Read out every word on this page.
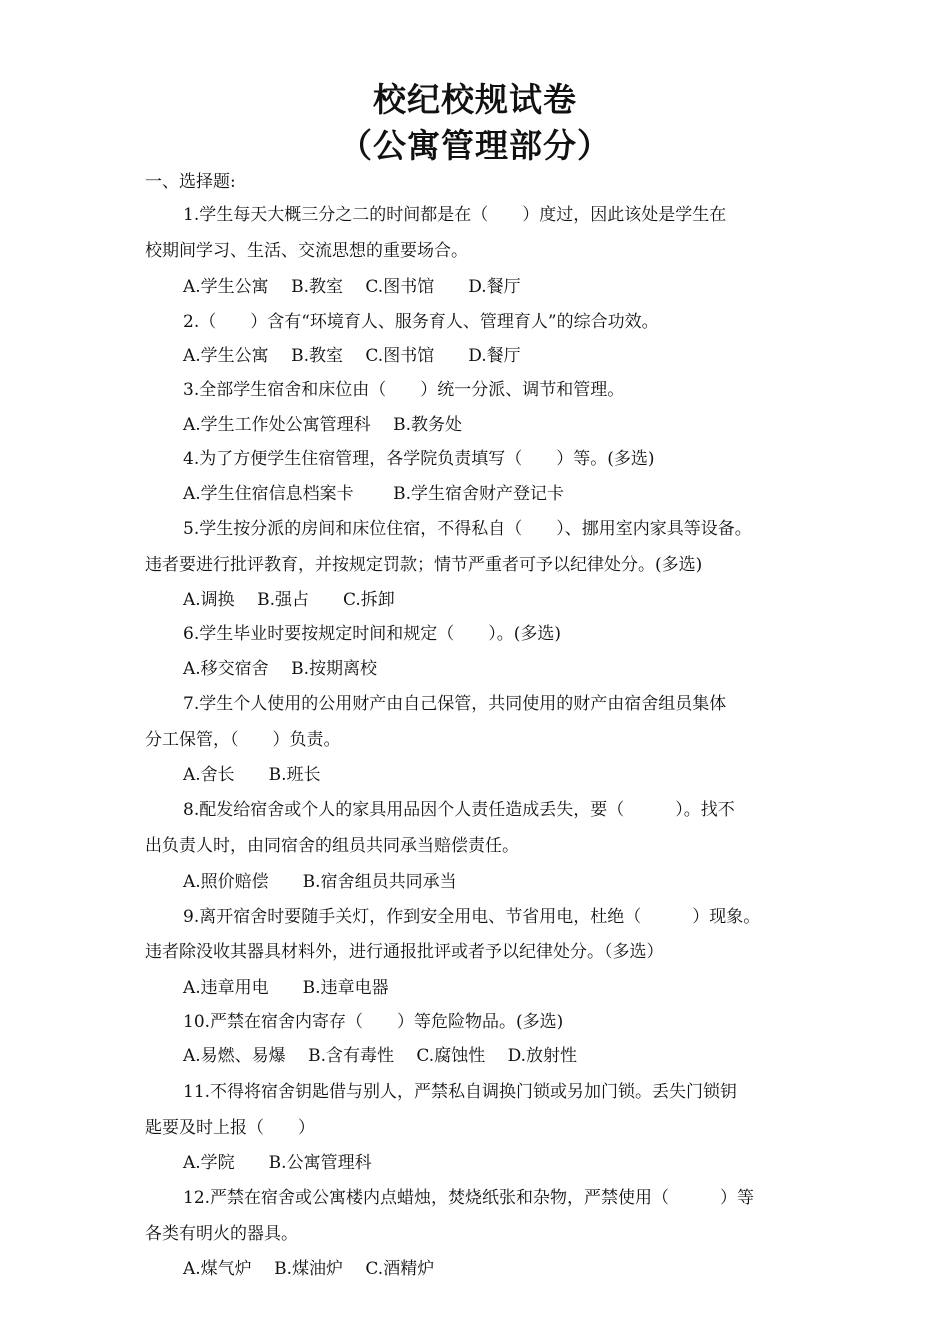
校纪校规试卷
（公寓管理部分）
一、选择题:
1.学生每天大概三分之二的时间都是在（　　）度过，因此该处是学生在
校期间学习、生活、交流思想的重要场合。
A.学生公寓　 B.教室　 C.图书馆　　D.餐厅
2.（　　）含有“环境育人、服务育人、管理育人”的综合功效。
A.学生公寓　 B.教室　 C.图书馆　　D.餐厅
3.全部学生宿舍和床位由（　　）统一分派、调节和管理。
A.学生工作处公寓管理科　 B.教务处
4.为了方便学生住宿管理，各学院负责填写（　　）等。(多选)
A.学生住宿信息档案卡　　 B.学生宿舍财产登记卡
5.学生按分派的房间和床位住宿，不得私自（　　）、挪用室内家具等设备。
违者要进行批评教育，并按规定罚款；情节严重者可予以纪律处分。(多选)
A.调换　 B.强占　　C.拆卸
6.学生毕业时要按规定时间和规定（　　）。(多选)
A.移交宿舍　 B.按期离校
7.学生个人使用的公用财产由自己保管，共同使用的财产由宿舍组员集体
分工保管，（　　）负责。
A.舍长　　B.班长
8.配发给宿舍或个人的家具用品因个人责任造成丢失，要（　　　）。找不
出负责人时，由同宿舍的组员共同承当赔偿责任。
A.照价赔偿　　B.宿舍组员共同承当
9.离开宿舍时要随手关灯，作到安全用电、节省用电，杜绝（　　　）现象。
违者除没收其器具材料外，进行通报批评或者予以纪律处分。（多选）
A.违章用电　　B.违章电器
10.严禁在宿舍内寄存（　　）等危险物品。(多选)
A.易燃、易爆　 B.含有毒性　 C.腐蚀性　 D.放射性
11.不得将宿舍钥匙借与别人，严禁私自调换门锁或另加门锁。丢失门锁钥
匙要及时上报（　　）
A.学院　　B.公寓管理科
12.严禁在宿舍或公寓楼内点蜡烛，焚烧纸张和杂物，严禁使用（　　　）等
各类有明火的器具。
A.煤气炉　 B.煤油炉　 C.酒精炉
